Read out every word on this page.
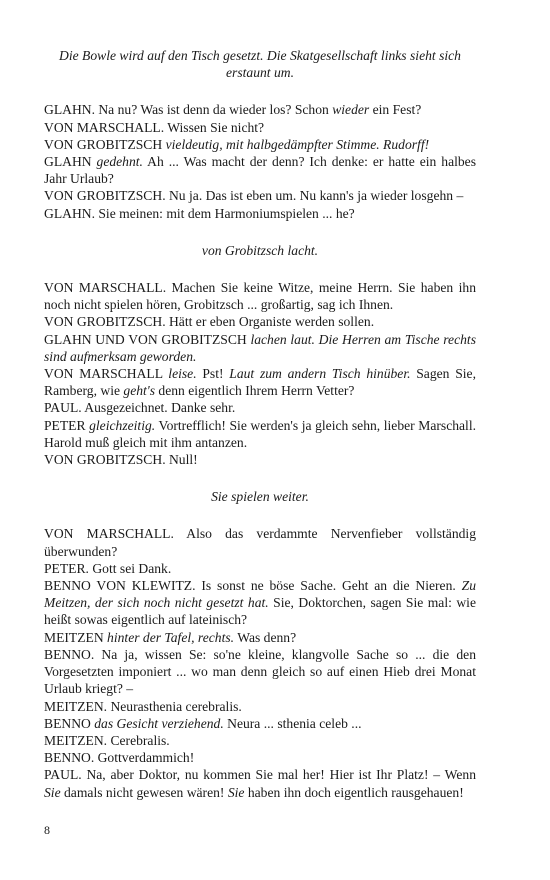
Die Bowle wird auf den Tisch gesetzt. Die Skatgesellschaft links sieht sich erstaunt um.

GLAHN. Na nu? Was ist denn da wieder los? Schon wieder ein Fest?

VON MARSCHALL. Wissen Sie nicht?

VON GROBITZSCH vieldeutig, mit halbgedämpfter Stimme. Rudorff!

GLAHN gedehnt. Ah ... Was macht der denn? Ich denke: er hatte ein halbes Jahr Urlaub?

VON GROBITZSCH. Nu ja. Das ist eben um. Nu kann's ja wieder losgehn –

GLAHN. Sie meinen: mit dem Harmoniumspielen ... he?

von Grobitzsch lacht.

VON MARSCHALL. Machen Sie keine Witze, meine Herrn. Sie haben ihn noch nicht spielen hören, Grobitzsch ... großartig, sag ich Ihnen.

VON GROBITZSCH. Hätt er eben Organiste werden sollen.

GLAHN UND VON GROBITZSCH lachen laut. Die Herren am Tische rechts sind aufmerksam geworden.

VON MARSCHALL leise. Pst! Laut zum andern Tisch hinüber. Sagen Sie, Ramberg, wie geht's denn eigentlich Ihrem Herrn Vetter?

PAUL. Ausgezeichnet. Danke sehr.

PETER gleichzeitig. Vortrefflich! Sie werden's ja gleich sehn, lieber Marschall. Harold muß gleich mit ihm antanzen.

VON GROBITZSCH. Null!

Sie spielen weiter.

VON MARSCHALL. Also das verdammte Nervenfieber vollständig überwunden?

PETER. Gott sei Dank.

BENNO VON KLEWITZ. Is sonst ne böse Sache. Geht an die Nieren. Zu Meitzen, der sich noch nicht gesetzt hat. Sie, Doktorchen, sagen Sie mal: wie heißt sowas eigentlich auf lateinisch?

MEITZEN hinter der Tafel, rechts. Was denn?

BENNO. Na ja, wissen Se: so'ne kleine, klangvolle Sache so ... die den Vorgesetzten imponiert ... wo man denn gleich so auf einen Hieb drei Monat Urlaub kriegt? –

MEITZEN. Neurasthenia cerebralis.

BENNO das Gesicht verziehend. Neura ... sthenia celeb ...

MEITZEN. Cerebralis.

BENNO. Gottverdammich!

PAUL. Na, aber Doktor, nu kommen Sie mal her! Hier ist Ihr Platz! – Wenn Sie damals nicht gewesen wären! Sie haben ihn doch eigentlich rausgehauen!

8
